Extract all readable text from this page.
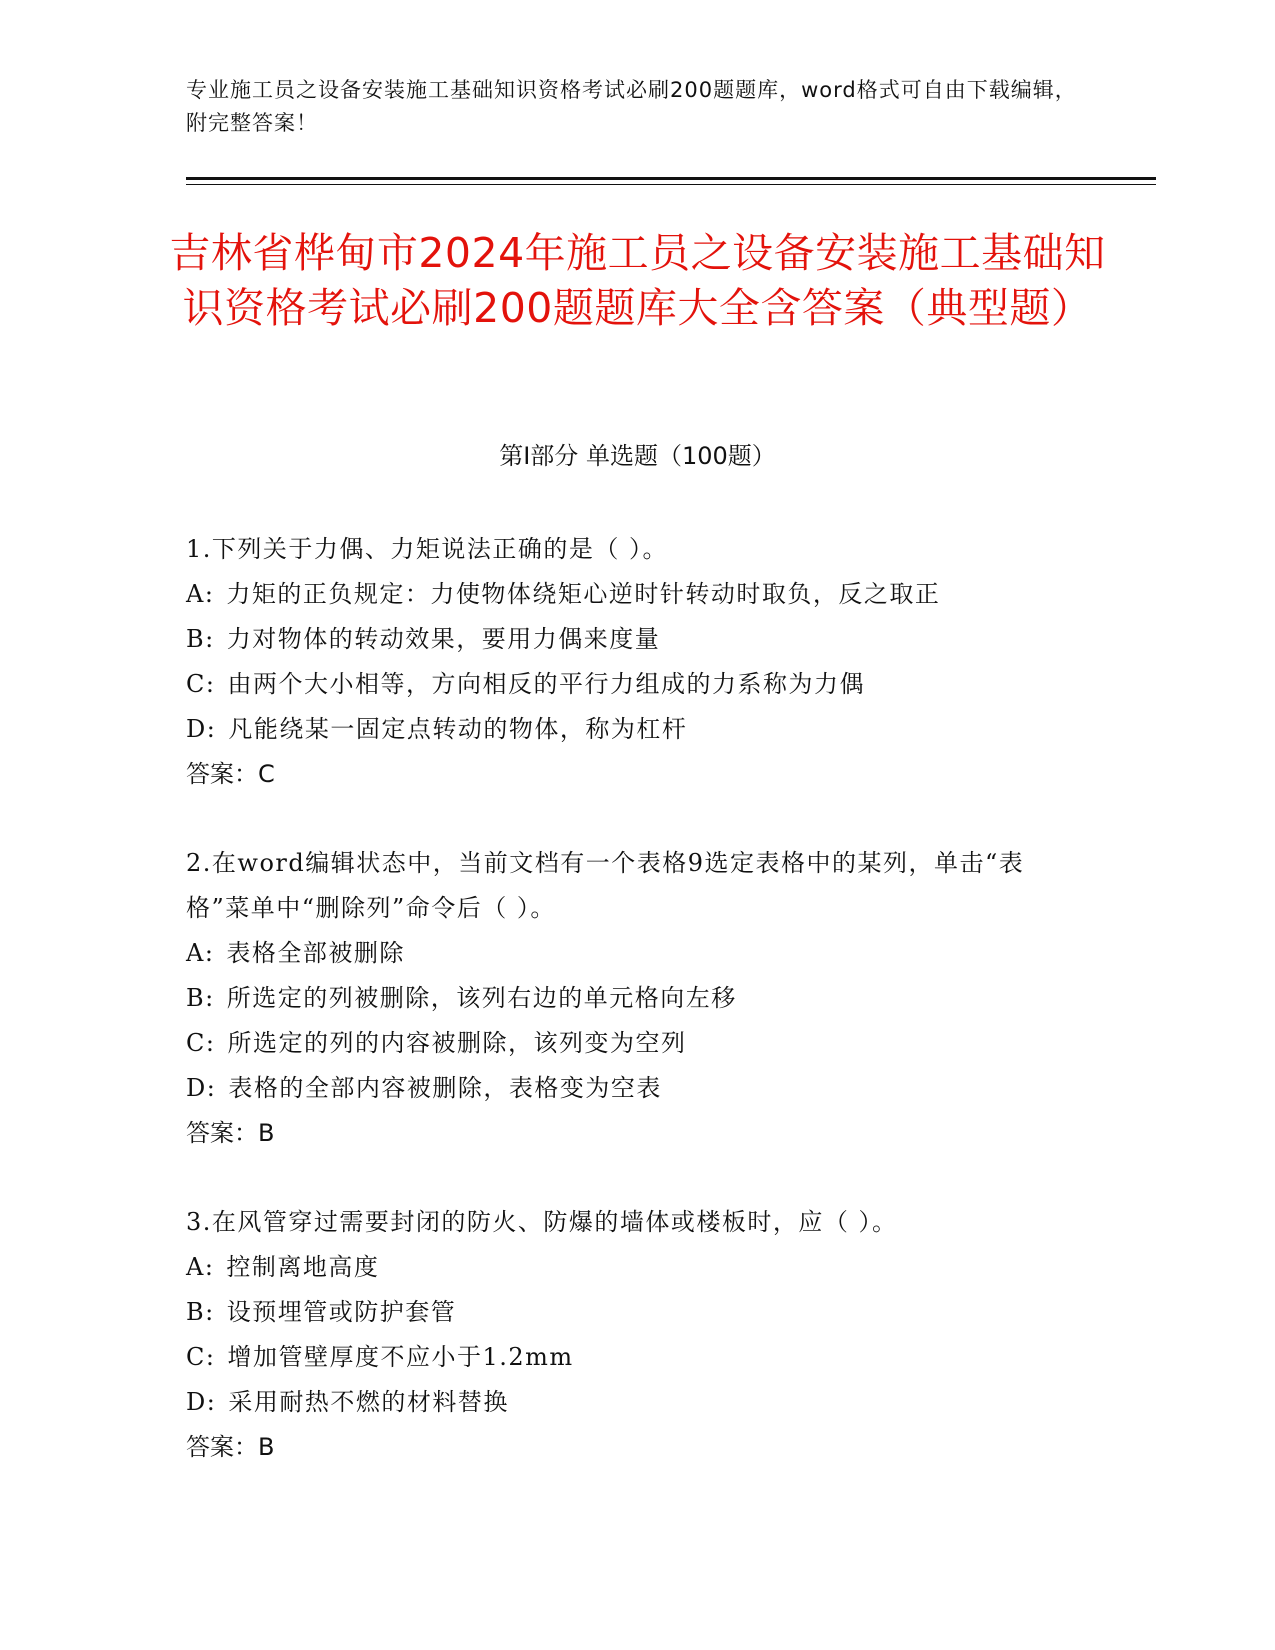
专业施工员之设备安装施工基础知识资格考试必刷200题题库，word格式可自由下载编辑，附完整答案！
吉林省桦甸市2024年施工员之设备安装施工基础知识资格考试必刷200题题库大全含答案（典型题）
第Ⅰ部分 单选题（100题）

1.下列关于力偶、力矩说法正确的是（ ）。

A: 力矩的正负规定：力使物体绕矩心逆时针转动时取负，反之取正

B: 力对物体的转动效果，要用力偶来度量

C: 由两个大小相等，方向相反的平行力组成的力系称为力偶

D: 凡能绕某一固定点转动的物体，称为杠杆

答案：C

2.在word编辑状态中，当前文档有一个表格9选定表格中的某列，单击“表格”菜单中“删除列”命令后（ ）。

A: 表格全部被删除

B: 所选定的列被删除，该列右边的单元格向左移

C: 所选定的列的内容被删除，该列变为空列

D: 表格的全部内容被删除，表格变为空表

答案：B

3.在风管穿过需要封闭的防火、防爆的墙体或楼板时，应（ ）。

A: 控制离地高度

B: 设预埋管或防护套管

C: 增加管壁厚度不应小于1.2mm

D: 采用耐热不燃的材料替换

答案：B
